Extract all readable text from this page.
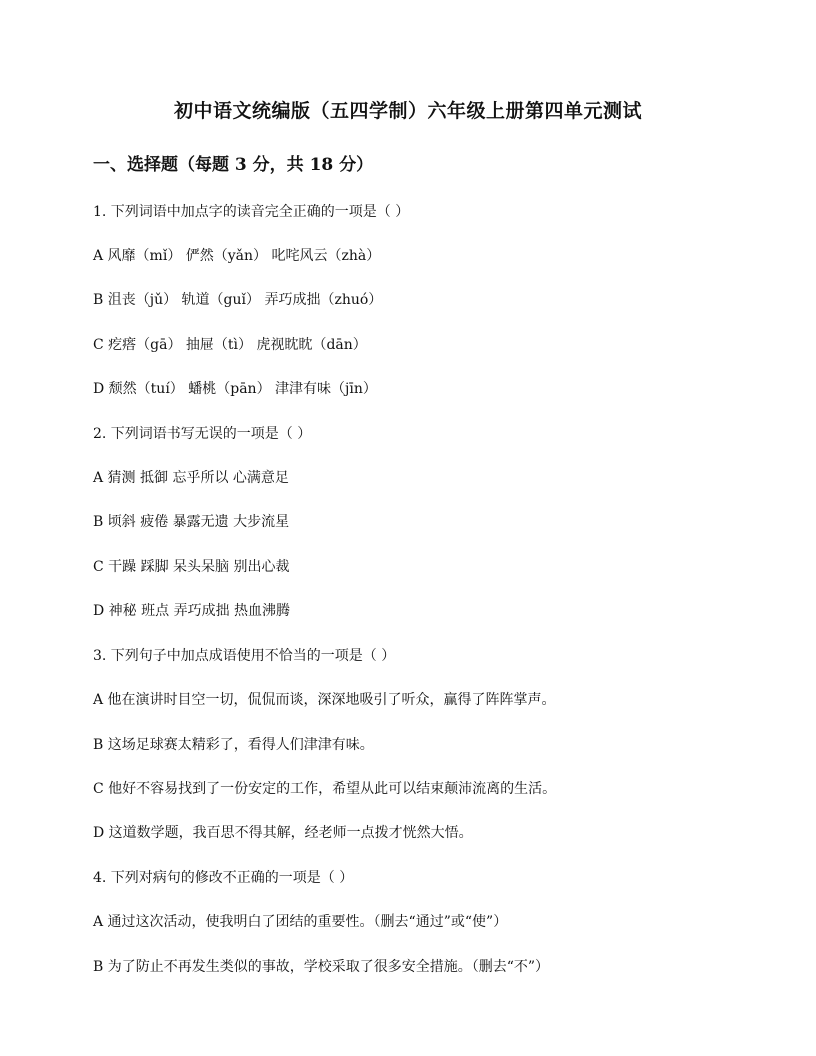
初中语文统编版（五四学制）六年级上册第四单元测试
一、选择题（每题 3 分，共 18 分）
1. 下列词语中加点字的读音完全正确的一项是（ ）
A 风靡（mǐ） 俨然（yǎn） 叱咤风云（zhà）
B 沮丧（jǔ） 轨道（guǐ） 弄巧成拙（zhuó）
C 疙瘩（gā） 抽屉（tì） 虎视眈眈（dān）
D 颓然（tuí） 蟠桃（pān） 津津有味（jīn）
2. 下列词语书写无误的一项是（ ）
A 猜测 抵御 忘乎所以 心满意足
B 顷斜 疲倦 暴露无遗 大步流星
C 干躁 踩脚 呆头呆脑 别出心裁
D 神秘 班点 弄巧成拙 热血沸腾
3. 下列句子中加点成语使用不恰当的一项是（ ）
A 他在演讲时目空一切，侃侃而谈，深深地吸引了听众，赢得了阵阵掌声。
B 这场足球赛太精彩了，看得人们津津有味。
C 他好不容易找到了一份安定的工作，希望从此可以结束颠沛流离的生活。
D 这道数学题，我百思不得其解，经老师一点拨才恍然大悟。
4. 下列对病句的修改不正确的一项是（ ）
A 通过这次活动，使我明白了团结的重要性。（删去“通过”或“使”）
B 为了防止不再发生类似的事故，学校采取了很多安全措施。（删去“不”）
